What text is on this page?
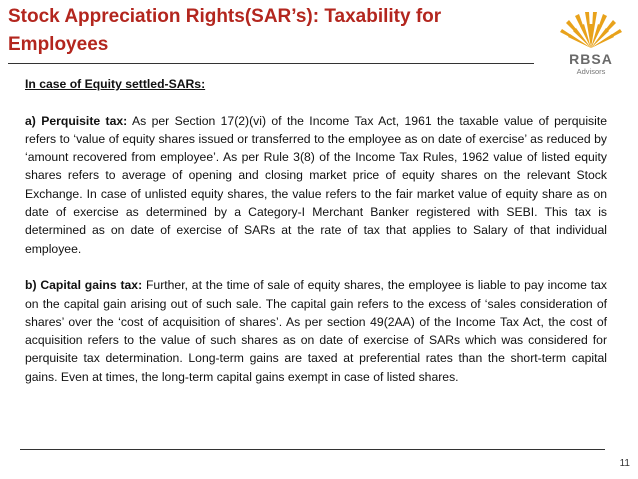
Stock Appreciation Rights(SAR’s): Taxability for Employees
RBSA
Advisors

In case of Equity settled-SARs:

a) Perquisite tax: As per Section 17(2)(vi) of the Income Tax Act, 1961 the taxable value of perquisite refers to ‘value of equity shares issued or transferred to the employee as on date of exercise’ as reduced by ‘amount recovered from employee’. As per Rule 3(8) of the Income Tax Rules, 1962 value of listed equity shares refers to average of opening and closing market price of equity shares on the relevant Stock Exchange. In case of unlisted equity shares, the value refers to the fair market value of equity share as on date of exercise as determined by a Category-I Merchant Banker registered with SEBI. This tax is determined as on date of exercise of SARs at the rate of tax that applies to Salary of that individual employee.

b) Capital gains tax: Further, at the time of sale of equity shares, the employee is liable to pay income tax on the capital gain arising out of such sale. The capital gain refers to the excess of ‘sales consideration of shares’ over the ‘cost of acquisition of shares’. As per section 49(2AA) of the Income Tax Act, the cost of acquisition refers to the value of such shares as on date of exercise of SARs which was considered for perquisite tax determination. Long-term gains are taxed at preferential rates than the short-term capital gains. Even at times, the long-term capital gains exempt in case of listed shares.

11
